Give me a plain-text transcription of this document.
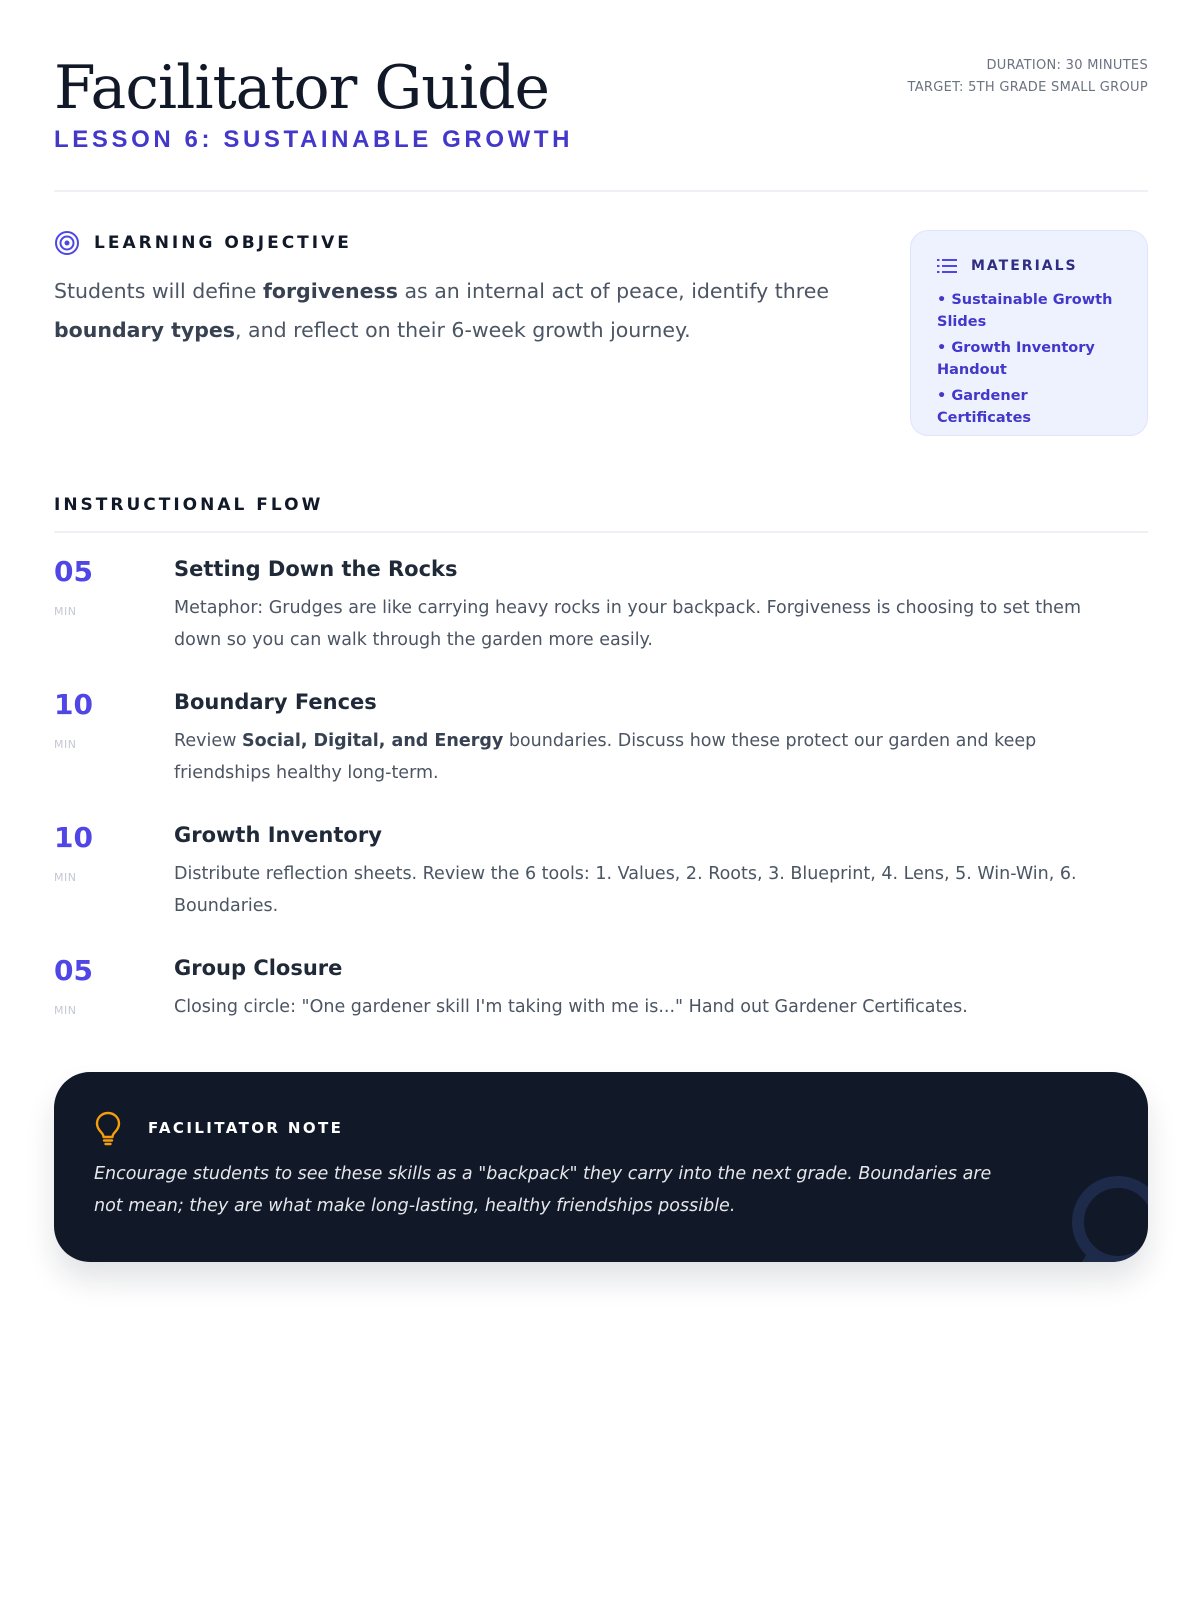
Facilitator Guide
LESSON 6: SUSTAINABLE GROWTH
DURATION: 30 MINUTES
TARGET: 5TH GRADE SMALL GROUP
LEARNING OBJECTIVE
Students will define forgiveness as an internal act of peace, identify three boundary types, and reflect on their 6-week growth journey.
MATERIALS
• Sustainable Growth Slides
• Growth Inventory Handout
• Gardener Certificates
INSTRUCTIONAL FLOW
05
MIN
Setting Down the Rocks
Metaphor: Grudges are like carrying heavy rocks in your backpack. Forgiveness is choosing to set them down so you can walk through the garden more easily.
10
MIN
Boundary Fences
Review Social, Digital, and Energy boundaries. Discuss how these protect our garden and keep friendships healthy long-term.
10
MIN
Growth Inventory
Distribute reflection sheets. Review the 6 tools: 1. Values, 2. Roots, 3. Blueprint, 4. Lens, 5. Win-Win, 6. Boundaries.
05
MIN
Group Closure
Closing circle: "One gardener skill I'm taking with me is..." Hand out Gardener Certificates.
FACILITATOR NOTE
Encourage students to see these skills as a "backpack" they carry into the next grade. Boundaries are not mean; they are what make long-lasting, healthy friendships possible.
